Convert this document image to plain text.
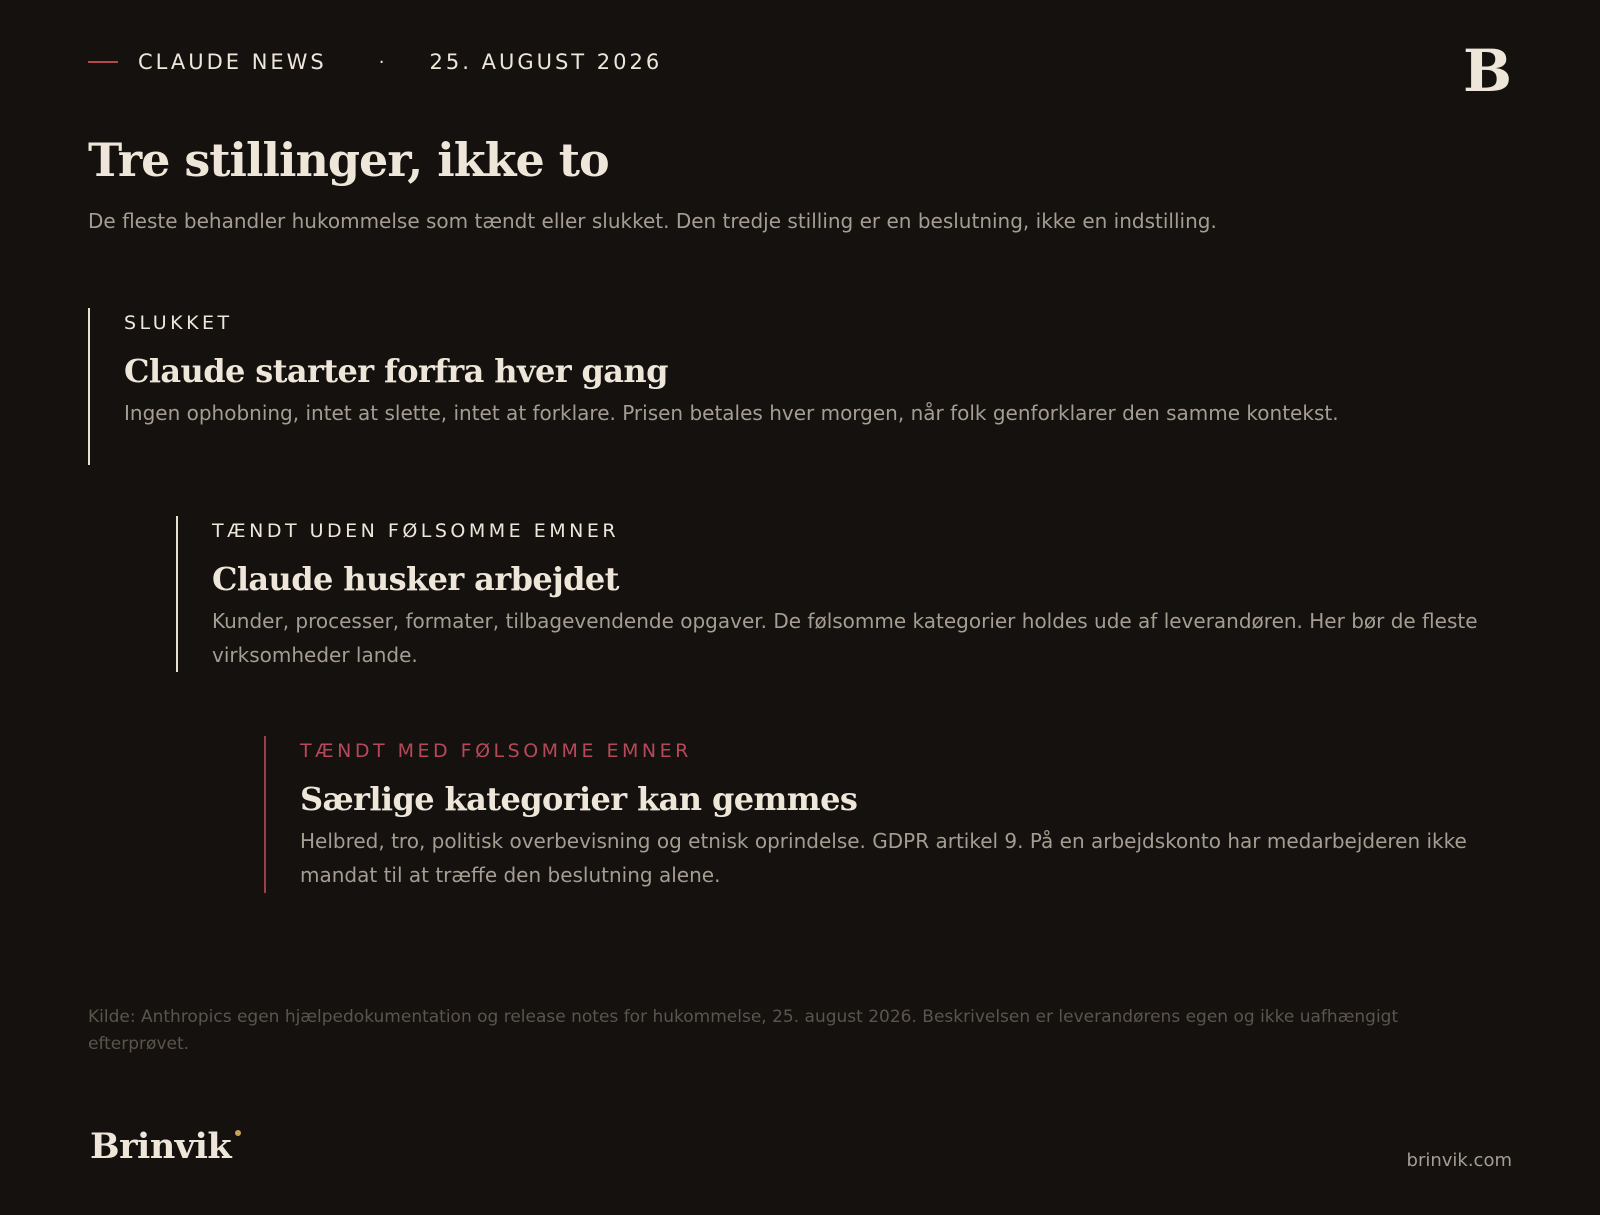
CLAUDE NEWS	· 25. AUGUST 2026	B
Tre stillinger, ikke to

De fleste behandler hukommelse som tændt eller slukket. Den tredje stilling er en beslutning, ikke en indstilling.

SLUKKET
Claude starter forfra hver gang
Ingen ophobning, intet at slette, intet at forklare. Prisen betales hver morgen, når folk genforklarer den samme kontekst.
TÆNDT UDEN FØLSOMME EMNER
Claude husker arbejdet
Kunder, processer, formater, tilbagevendende opgaver. De følsomme kategorier holdes ude af leverandøren. Her bør de fleste virksomheder lande.
TÆNDT MED FØLSOMME EMNER
Særlige kategorier kan gemmes
Helbred, tro, politisk overbevisning og etnisk oprindelse. GDPR artikel 9. På en arbejdskonto har medarbejderen ikke mandat til at træffe den beslutning alene.
Kilde: Anthropics egen hjælpedokumentation og release notes for hukommelse, 25. august 2026. Beskrivelsen er leverandørens egen og ikke uafhængigt efterprøvet.
Brinvik	brinvik.com
